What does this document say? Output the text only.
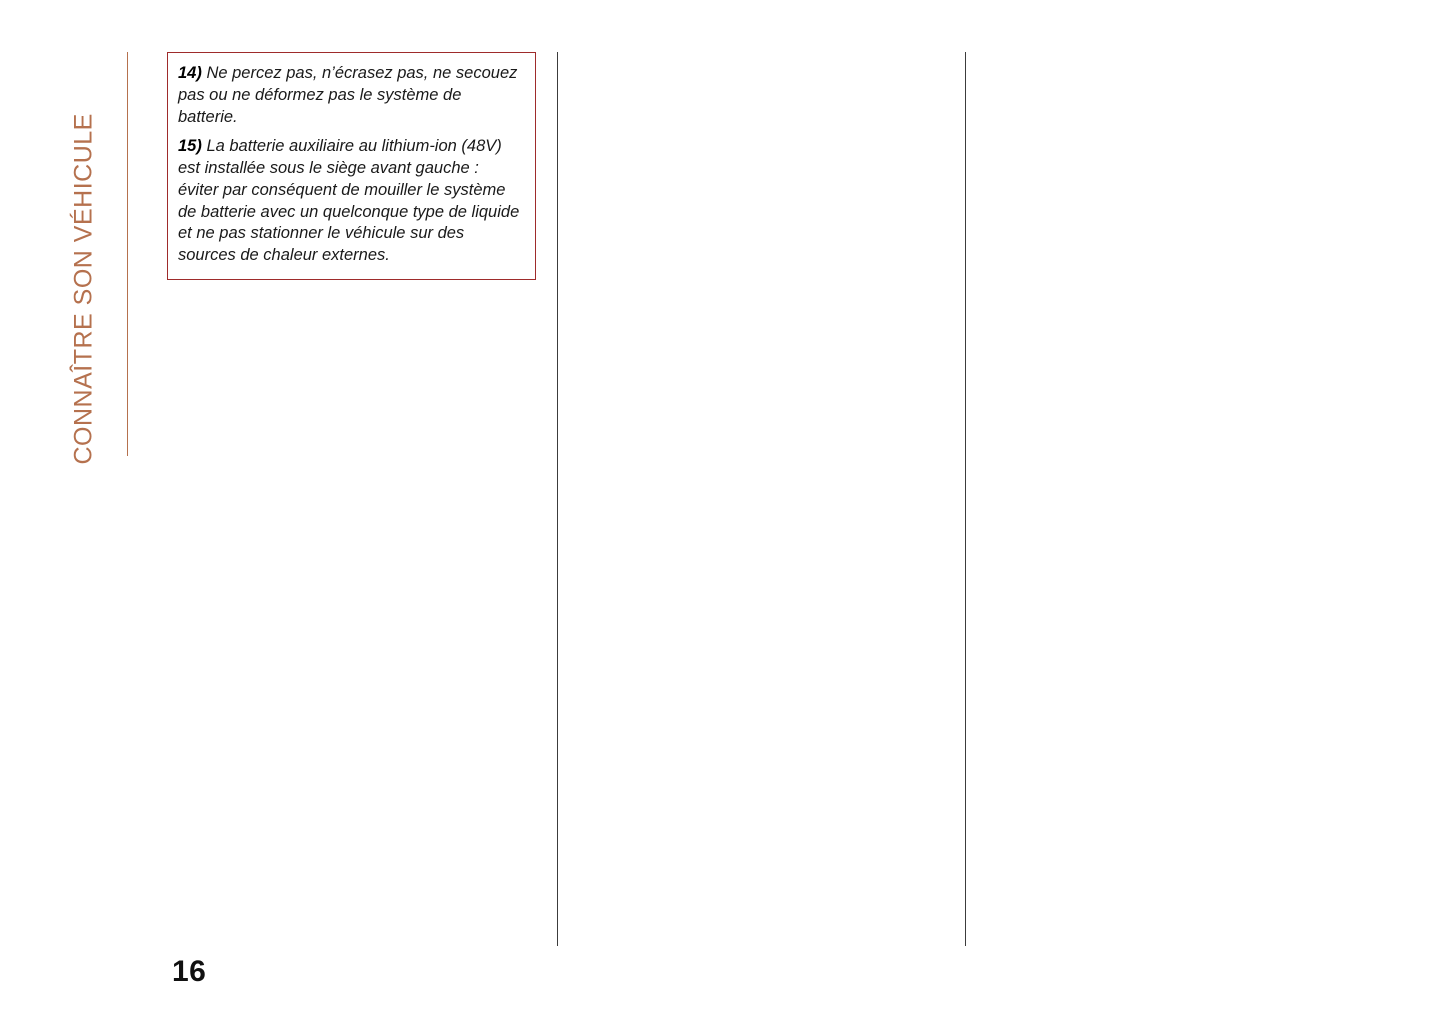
CONNAÎTRE SON VÉHICULE

14) Ne percez pas, n’écrasez pas, ne secouez pas ou ne déformez pas le système de batterie.

15) La batterie auxiliaire au lithium-ion (48V) est installée sous le siège avant gauche : éviter par conséquent de mouiller le système de batterie avec un quelconque type de liquide et ne pas stationner le véhicule sur des sources de chaleur externes.

16
